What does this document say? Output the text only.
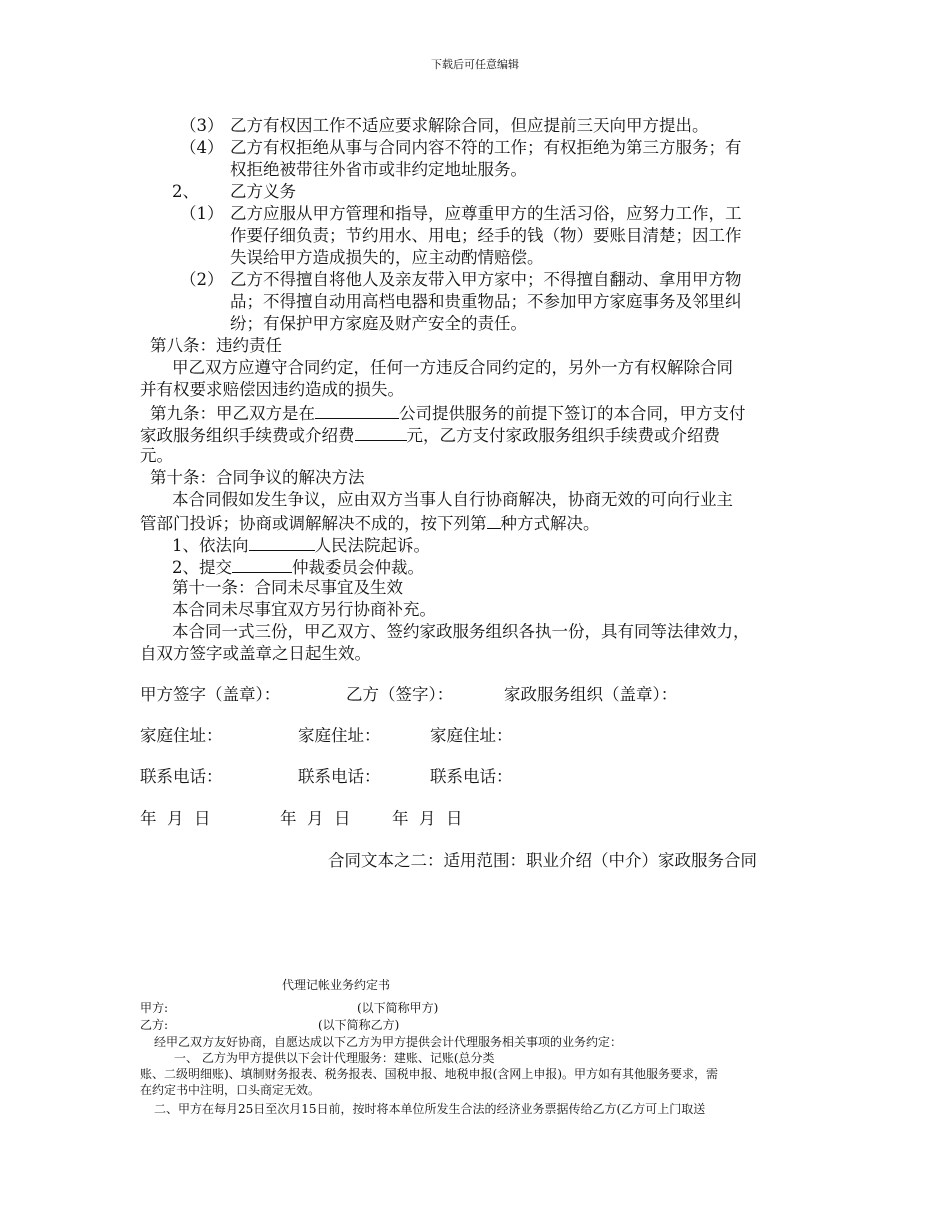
下载后可任意编辑
（3） 乙方有权因工作不适应要求解除合同，但应提前三天向甲方提出。
（4） 乙方有权拒绝从事与合同内容不符的工作；有权拒绝为第三方服务；有
权拒绝被带往外省市或非约定地址服务。
2、 乙方义务
（1） 乙方应服从甲方管理和指导，应尊重甲方的生活习俗，应努力工作，工
作要仔细负责；节约用水、用电；经手的钱（物）要账目清楚；因工作
失误给甲方造成损失的，应主动酌情赔偿。
（2） 乙方不得擅自将他人及亲友带入甲方家中；不得擅自翻动、拿用甲方物
品；不得擅自动用高档电器和贵重物品；不参加甲方家庭事务及邻里纠
纷；有保护甲方家庭及财产安全的责任。
第八条：违约责任
甲乙双方应遵守合同约定，任何一方违反合同约定的，另外一方有权解除合同
并有权要求赔偿因违约造成的损失。
第九条：甲乙双方是在	公司提供服务的前提下签订的本合同，甲方支付
家政服务组织手续费或介绍费	元，乙方支付家政服务组织手续费或介绍费
元。
第十条：合同争议的解决方法
本合同假如发生争议，应由双方当事人自行协商解决，协商无效的可向行业主
管部门投诉；协商或调解解决不成的，按下列第 种方式解决。
1、依法向	人民法院起诉。
2、提交	仲裁委员会仲裁。
第十一条：合同未尽事宜及生效
本合同未尽事宜双方另行协商补充。
本合同一式三份，甲乙双方、签约家政服务组织各执一份，具有同等法律效力，
自双方签字或盖章之日起生效。
甲方签字（盖章）：	乙方（签字）：	家政服务组织（盖章）：
家庭住址：	家庭住址：	家庭住址：
联系电话：	联系电话：	联系电话：
年  月  日	年  月  日	年  月  日
合同文本之二：适用范围：职业介绍（中介）家政服务合同
代理记帐业务约定书
甲方:	(以下简称甲方)
乙方:	(以下简称乙方)
经甲乙双方友好协商，自愿达成以下乙方为甲方提供会计代理服务相关事项的业务约定：
一、 乙方为甲方提供以下会计代理服务：建账、记账(总分类
账、二级明细账)、填制财务报表、税务报表、国税申报、地税申报(含网上申报)。甲方如有其他服务要求，需
在约定书中注明，口头商定无效。
二、甲方在每月25日至次月15日前，按时将本单位所发生合法的经济业务票据传给乙方(乙方可上门取送
